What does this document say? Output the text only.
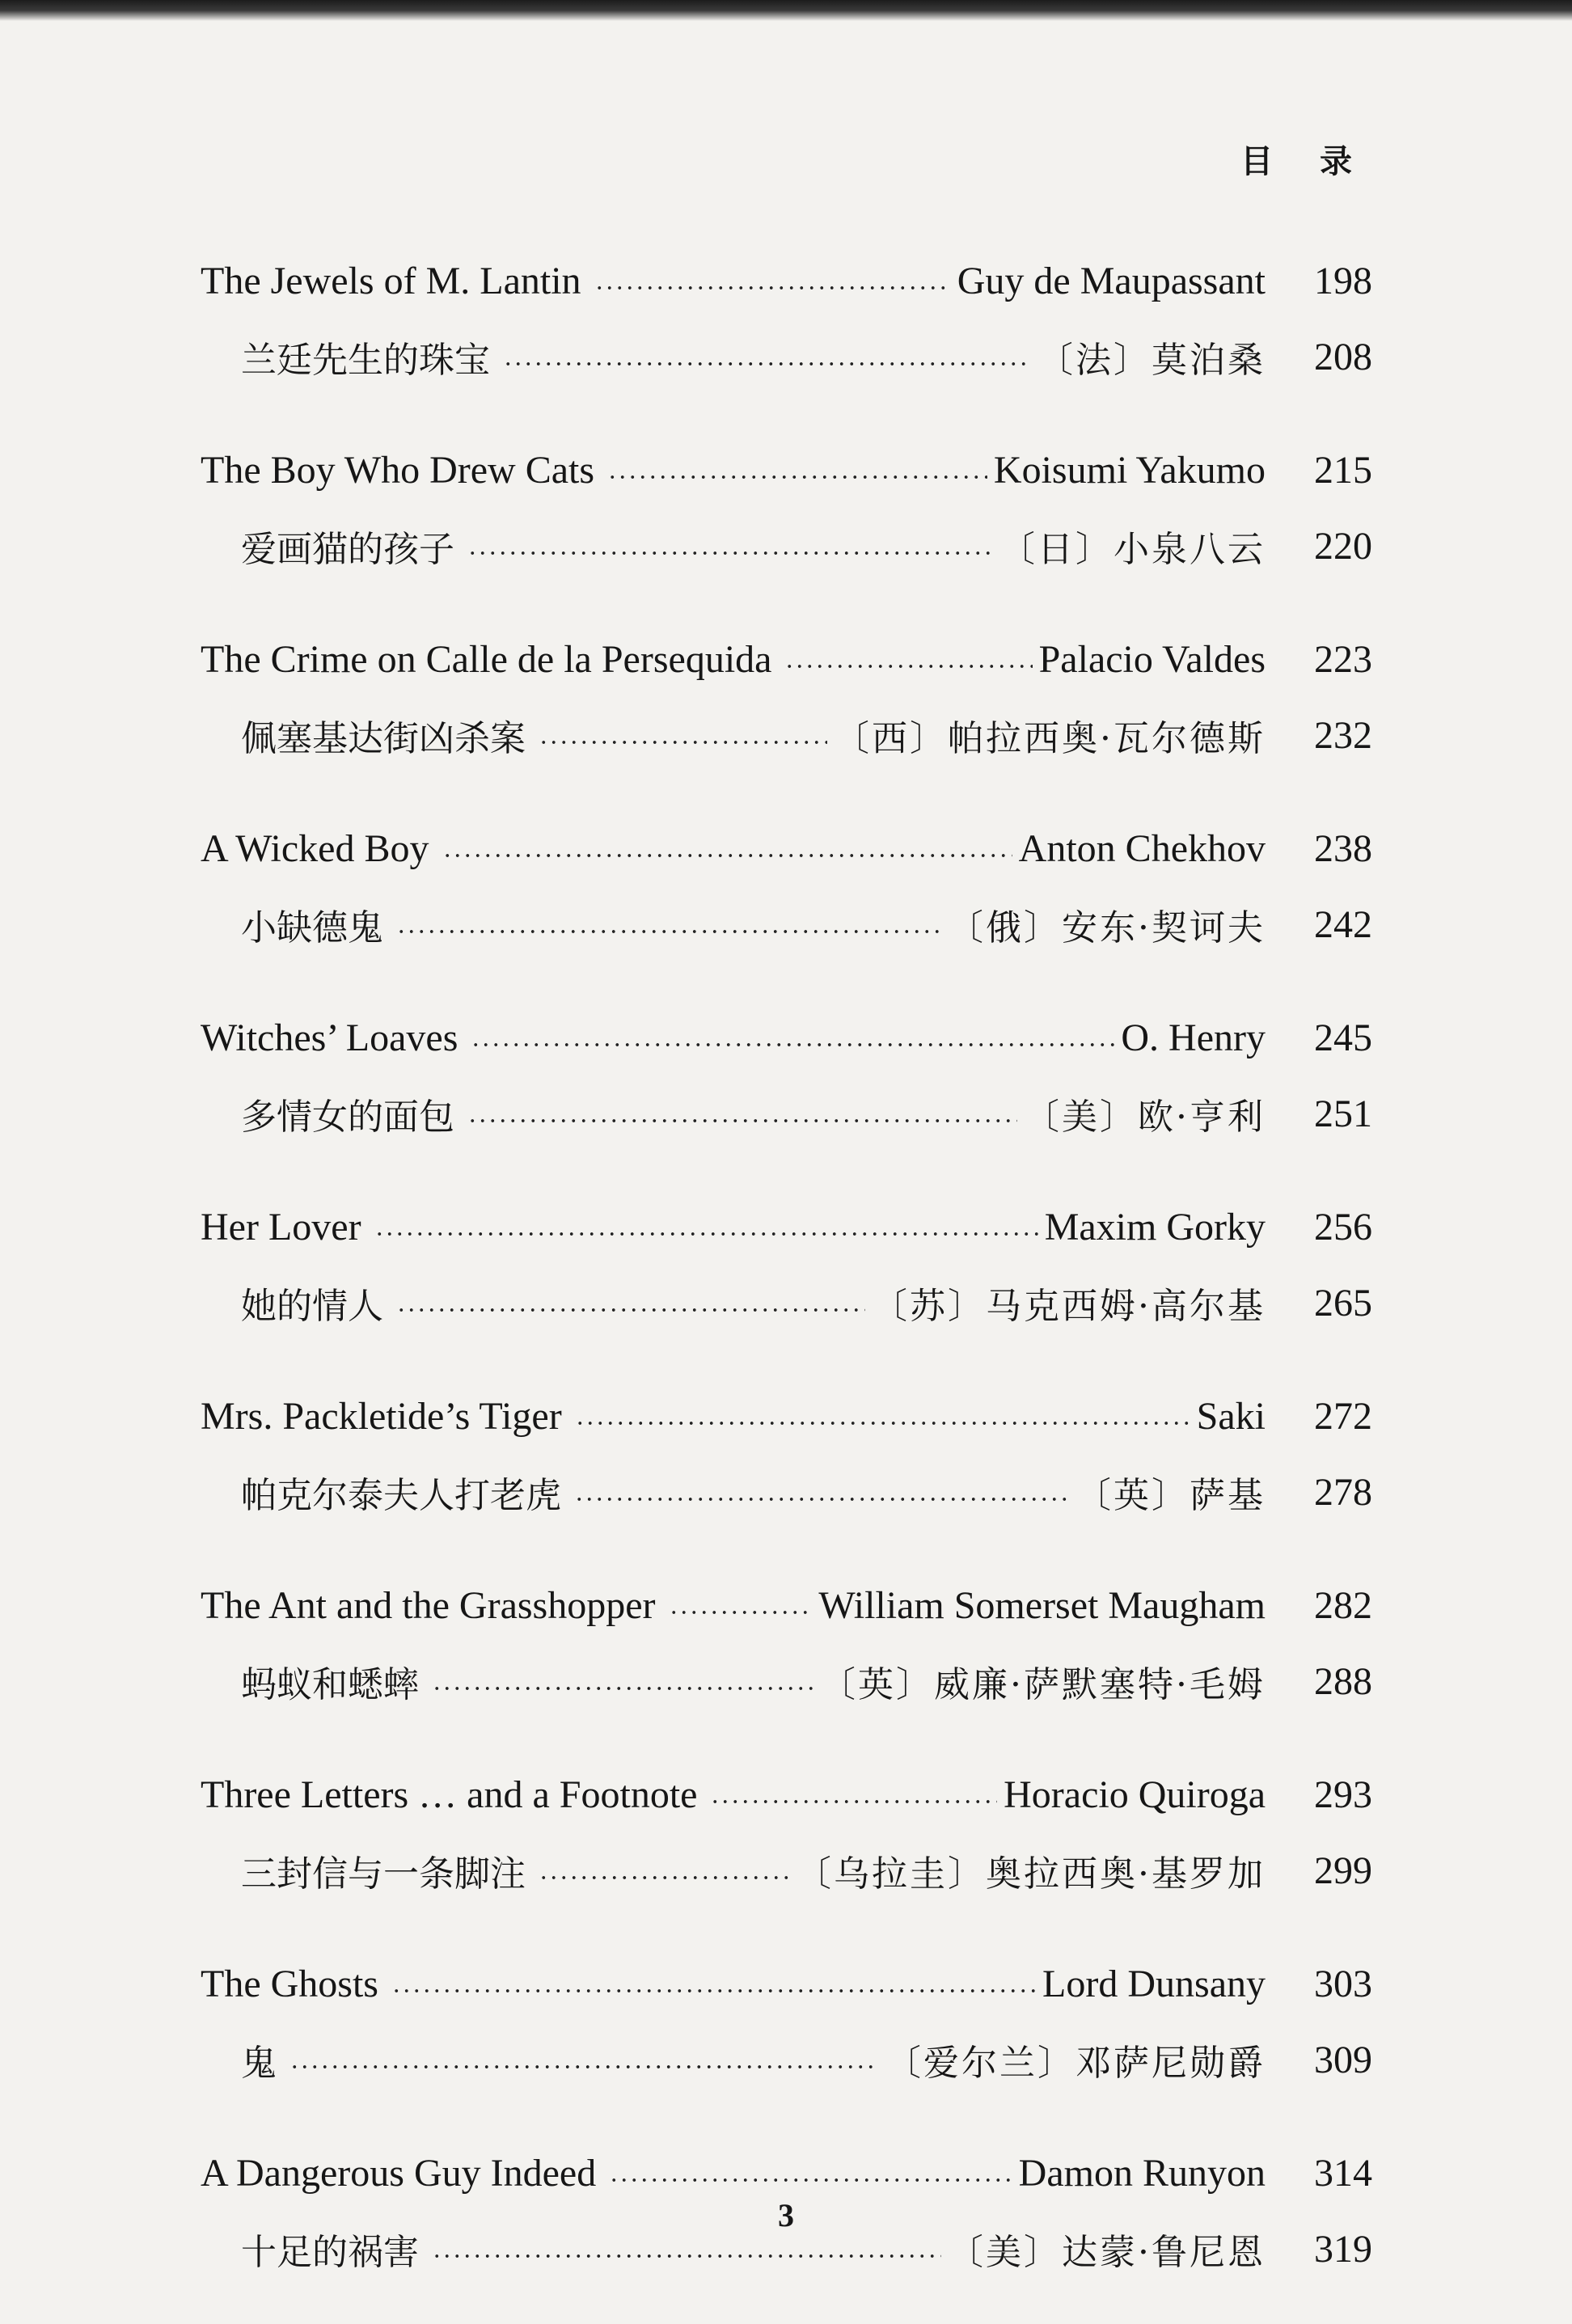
目 录
The Jewels of M. Lantin	Guy de Maupassant	198
兰廷先生的珠宝	〔法〕莫泊桑	208
The Boy Who Drew Cats	Koisumi Yakumo	215
爱画猫的孩子	〔日〕小泉八云	220
The Crime on Calle de la Persequida	Palacio Valdes	223
佩塞基达街凶杀案	〔西〕帕拉西奥·瓦尔德斯	232
A Wicked Boy	Anton Chekhov	238
小缺德鬼	〔俄〕安东·契诃夫	242
Witches’ Loaves	O. Henry	245
多情女的面包	〔美〕欧·亨利	251
Her Lover	Maxim Gorky	256
她的情人	〔苏〕马克西姆·高尔基	265
Mrs. Packletide’s Tiger	Saki	272
帕克尔泰夫人打老虎	〔英〕萨基	278
The Ant and the Grasshopper	William Somerset Maugham	282
蚂蚁和蟋蟀	〔英〕威廉·萨默塞特·毛姆	288
Three Letters … and a Footnote	Horacio Quiroga	293
三封信与一条脚注	〔乌拉圭〕奥拉西奥·基罗加	299
The Ghosts	Lord Dunsany	303
鬼	〔爱尔兰〕邓萨尼勋爵	309
A Dangerous Guy Indeed	Damon Runyon	314
十足的祸害	〔美〕达蒙·鲁尼恩	319
3
